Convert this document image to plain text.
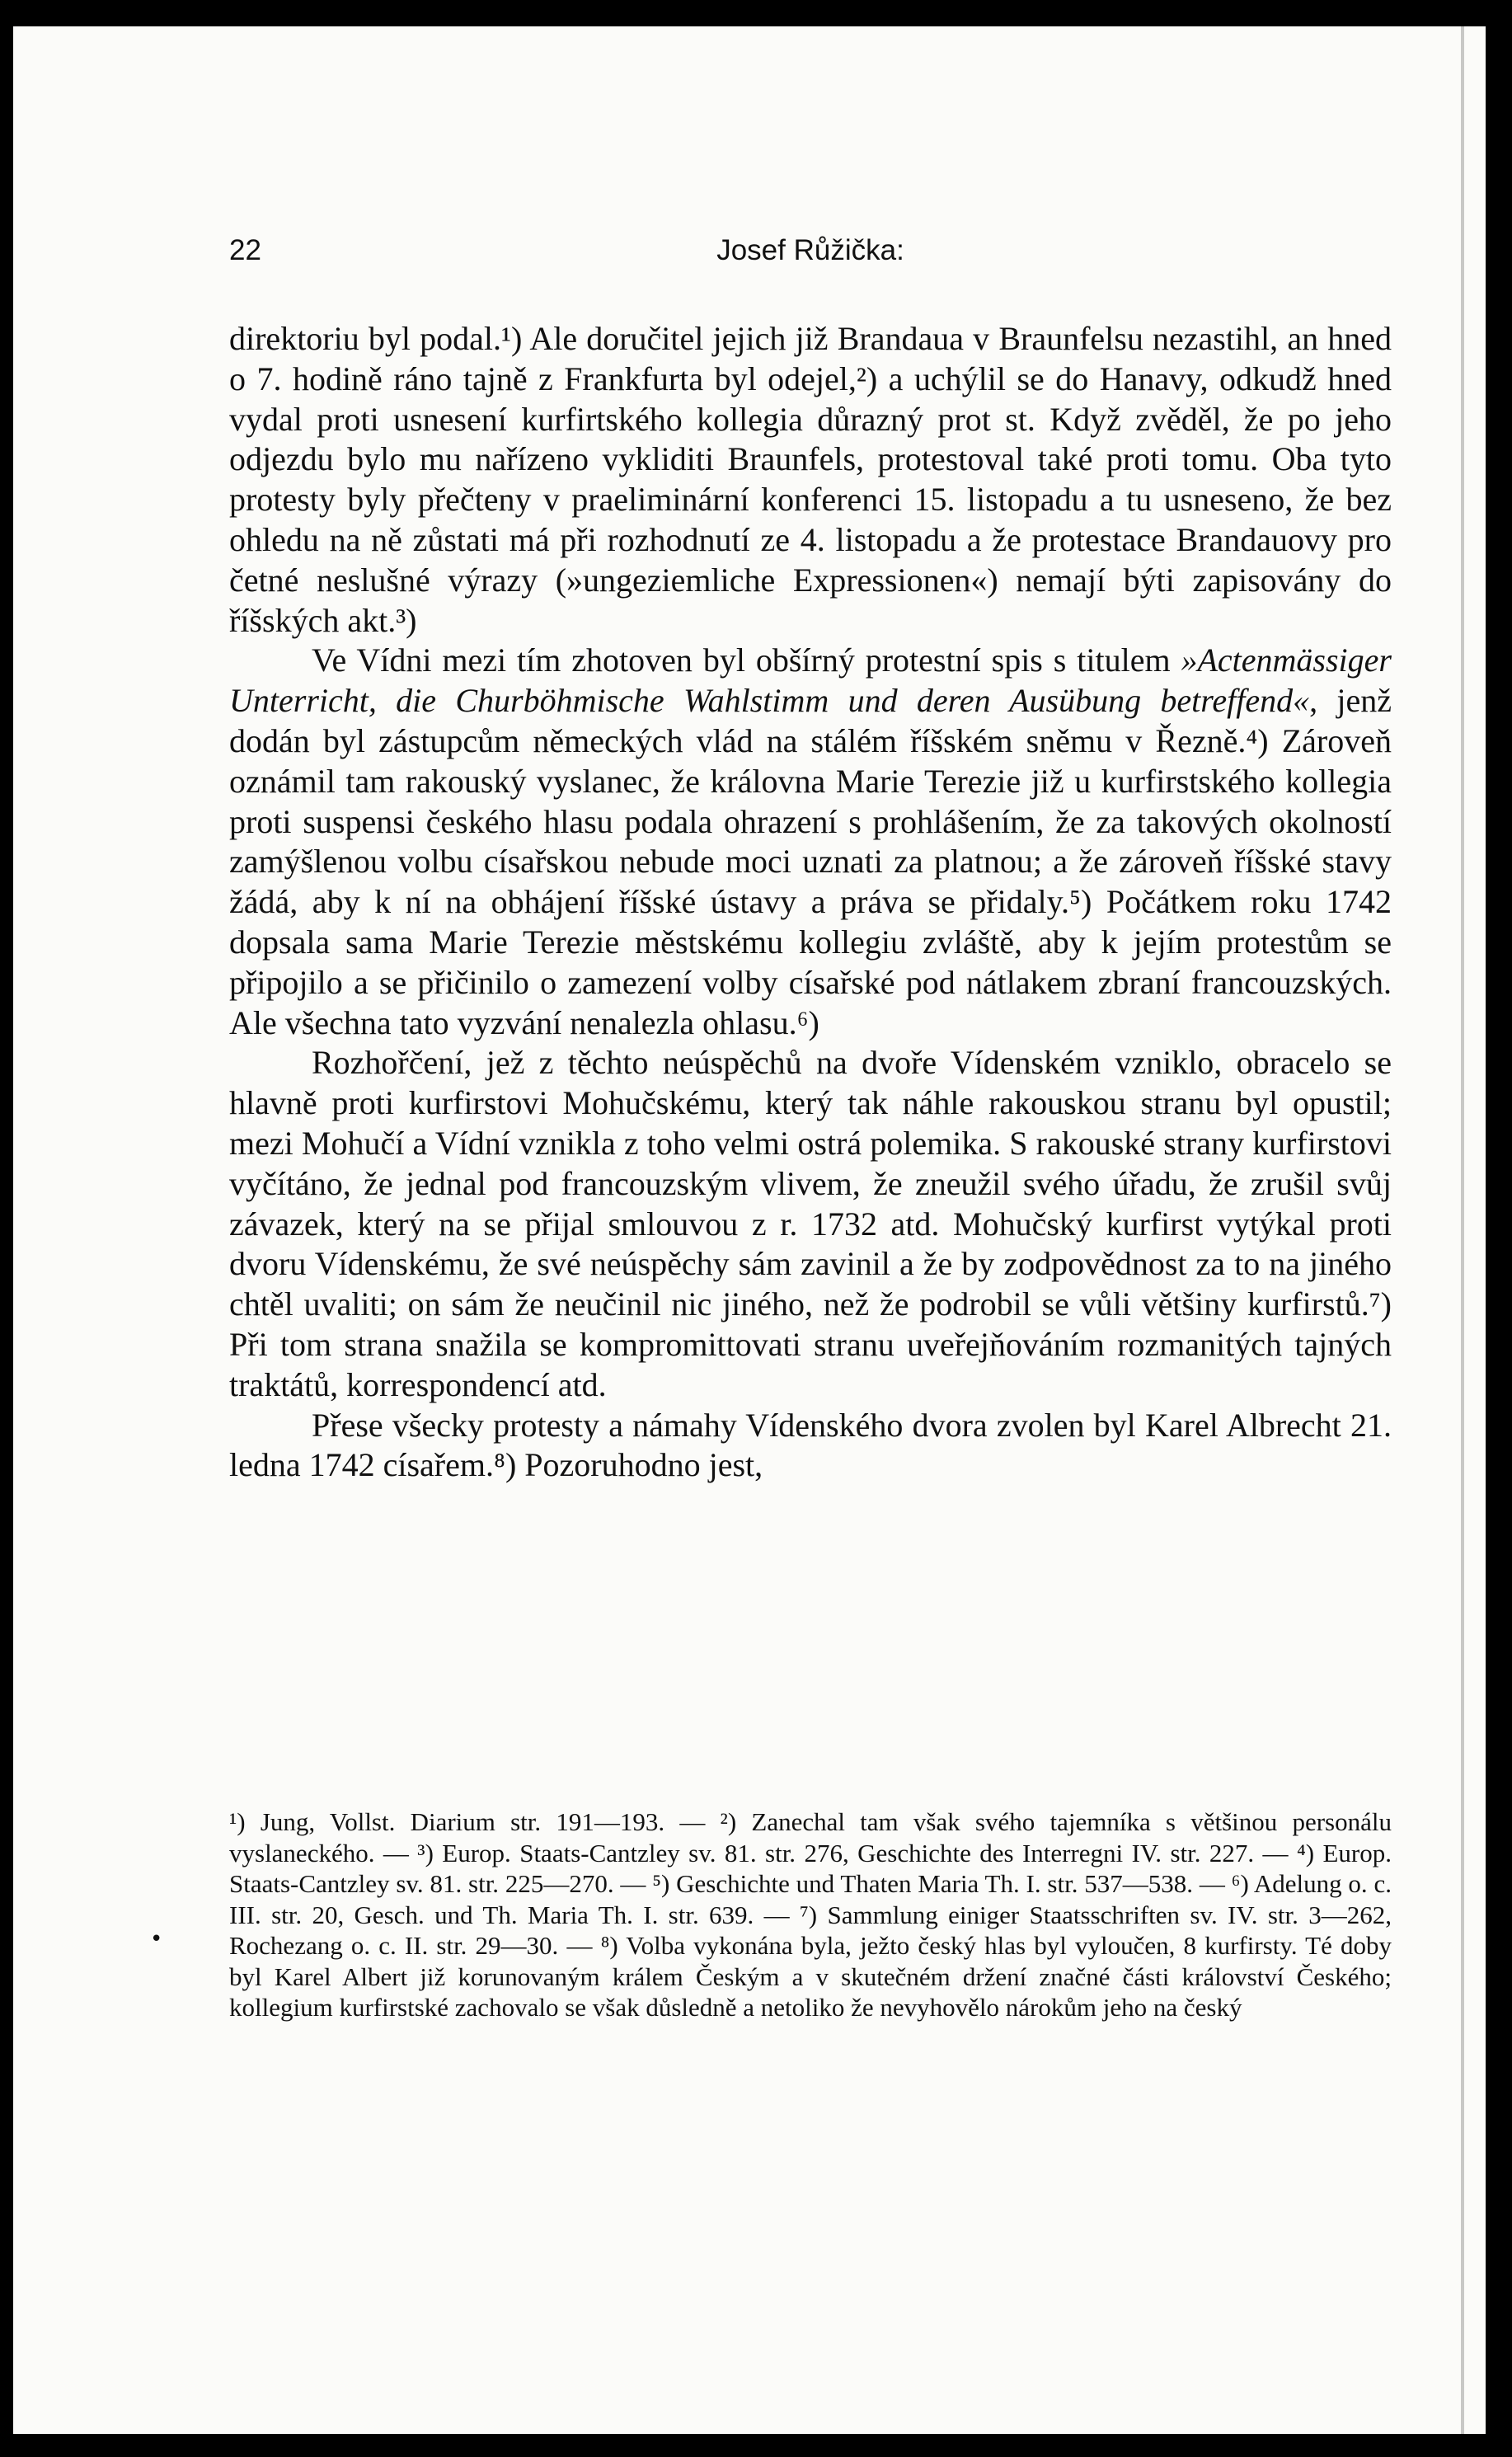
22	Josef Růžička:

direktoriu byl podal.¹) Ale doručitel jejich již Brandaua v Braunfelsu nezastihl, an hned o 7. hodině ráno tajně z Frankfurta byl odejel,²) a uchýlil se do Hanavy, odkudž hned vydal proti usnesení kurfirtského kollegia důrazný prot st. Když zvěděl, že po jeho odjezdu bylo mu nařízeno vykliditi Braunfels, protestoval také proti tomu. Oba tyto protesty byly přečteny v praeliminární konferenci 15. listopadu a tu usneseno, že bez ohledu na ně zůstati má při rozhodnutí ze 4. listopadu a že protestace Brandauovy pro četné neslušné výrazy (»ungeziemliche Expressionen«) nemají býti zapisovány do říšských akt.³)

Ve Vídni mezi tím zhotoven byl obšírný protestní spis s titulem »Actenmässiger Unterricht, die Churböhmische Wahlstimm und deren Ausübung betreffend«, jenž dodán byl zástupcům německých vlád na stálém říšském sněmu v Řezně.⁴) Zároveň oznámil tam rakouský vyslanec, že královna Marie Terezie již u kurfirstského kollegia proti suspensi českého hlasu podala ohrazení s prohlášením, že za takových okolností zamýšlenou volbu císařskou nebude moci uznati za platnou; a že zároveň říšské stavy žádá, aby k ní na obhájení říšské ústavy a práva se přidaly.⁵) Počátkem roku 1742 dopsala sama Marie Terezie městskému kollegiu zvláště, aby k jejím protestům se připojilo a se přičinilo o zamezení volby císařské pod nátlakem zbraní francouzských. Ale všechna tato vyzvání nenalezla ohlasu.⁶)

Rozhořčení, jež z těchto neúspěchů na dvoře Vídenském vzniklo, obracelo se hlavně proti kurfirstovi Mohučskému, který tak náhle rakouskou stranu byl opustil; mezi Mohučí a Vídní vznikla z toho velmi ostrá polemika. S rakouské strany kurfirstovi vyčítáno, že jednal pod francouzským vlivem, že zneužil svého úřadu, že zrušil svůj závazek, který na se přijal smlouvou z r. 1732 atd. Mohučský kurfirst vytýkal proti dvoru Vídenskému, že své neúspěchy sám zavinil a že by zodpovědnost za to na jiného chtěl uvaliti; on sám že neučinil nic jiného, než že podrobil se vůli většiny kurfirstů.⁷) Při tom strana snažila se kompromittovati stranu uveřejňováním rozmanitých tajných traktátů, korrespondencí atd.

Přese všecky protesty a námahy Vídenského dvora zvolen byl Karel Albrecht 21. ledna 1742 císařem.⁸) Pozoruhodno jest,

•

¹) Jung, Vollst. Diarium str. 191—193. — ²) Zanechal tam však svého tajemníka s většinou personálu vyslaneckého. — ³) Europ. Staats-Cantzley sv. 81. str. 276, Geschichte des Interregni IV. str. 227. — ⁴) Europ. Staats-Cantzley sv. 81. str. 225—270. — ⁵) Geschichte und Thaten Maria Th. I. str. 537—538. — ⁶) Adelung o. c. III. str. 20, Gesch. und Th. Maria Th. I. str. 639. — ⁷) Sammlung einiger Staatsschriften sv. IV. str. 3—262, Rochezang o. c. II. str. 29—30. — ⁸) Volba vykonána byla, ježto český hlas byl vyloučen, 8 kurfirsty. Té doby byl Karel Albert již korunovaným králem Českým a v skutečném držení značné části království Českého; kollegium kurfirstské zachovalo se však důsledně a netoliko že nevyhovělo nárokům jeho na český
